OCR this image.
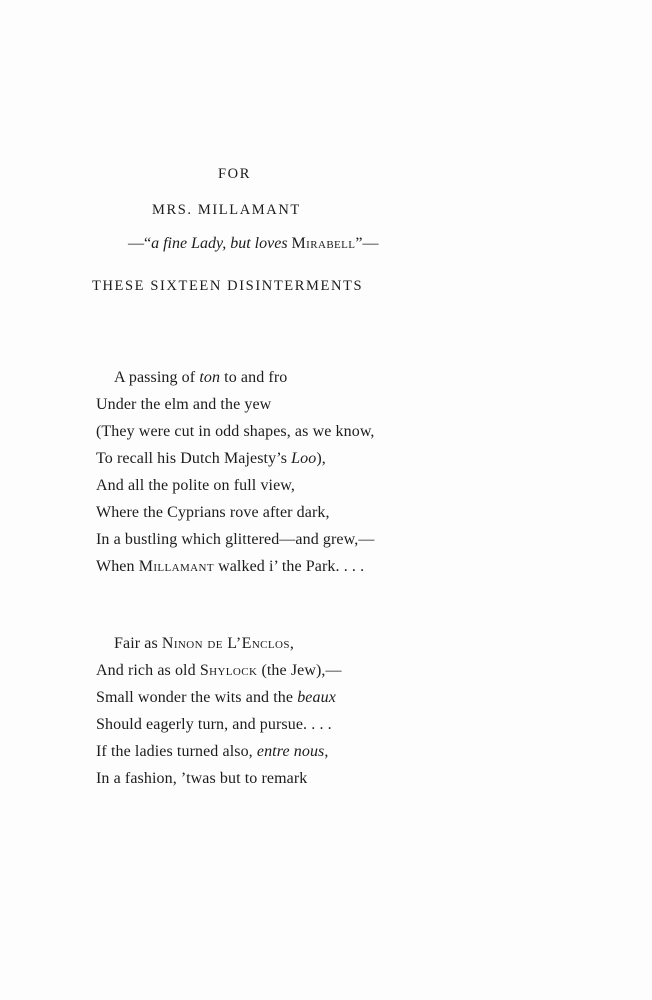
FOR
MRS. MILLAMANT
—“a fine Lady, but loves Mirabell”—
THESE SIXTEEN DISINTERMENTS
A passing of ton to and fro
Under the elm and the yew
(They were cut in odd shapes, as we know,
To recall his Dutch Majesty’s Loo),
And all the polite on full view,
Where the Cyprians rove after dark,
In a bustling which glittered—and grew,—
When Millamant walked i’ the Park. . . .
Fair as Ninon de L’Enclos,
And rich as old Shylock (the Jew),—
Small wonder the wits and the beaux
Should eagerly turn, and pursue. . . .
If the ladies turned also, entre nous,
In a fashion, ’twas but to remark
